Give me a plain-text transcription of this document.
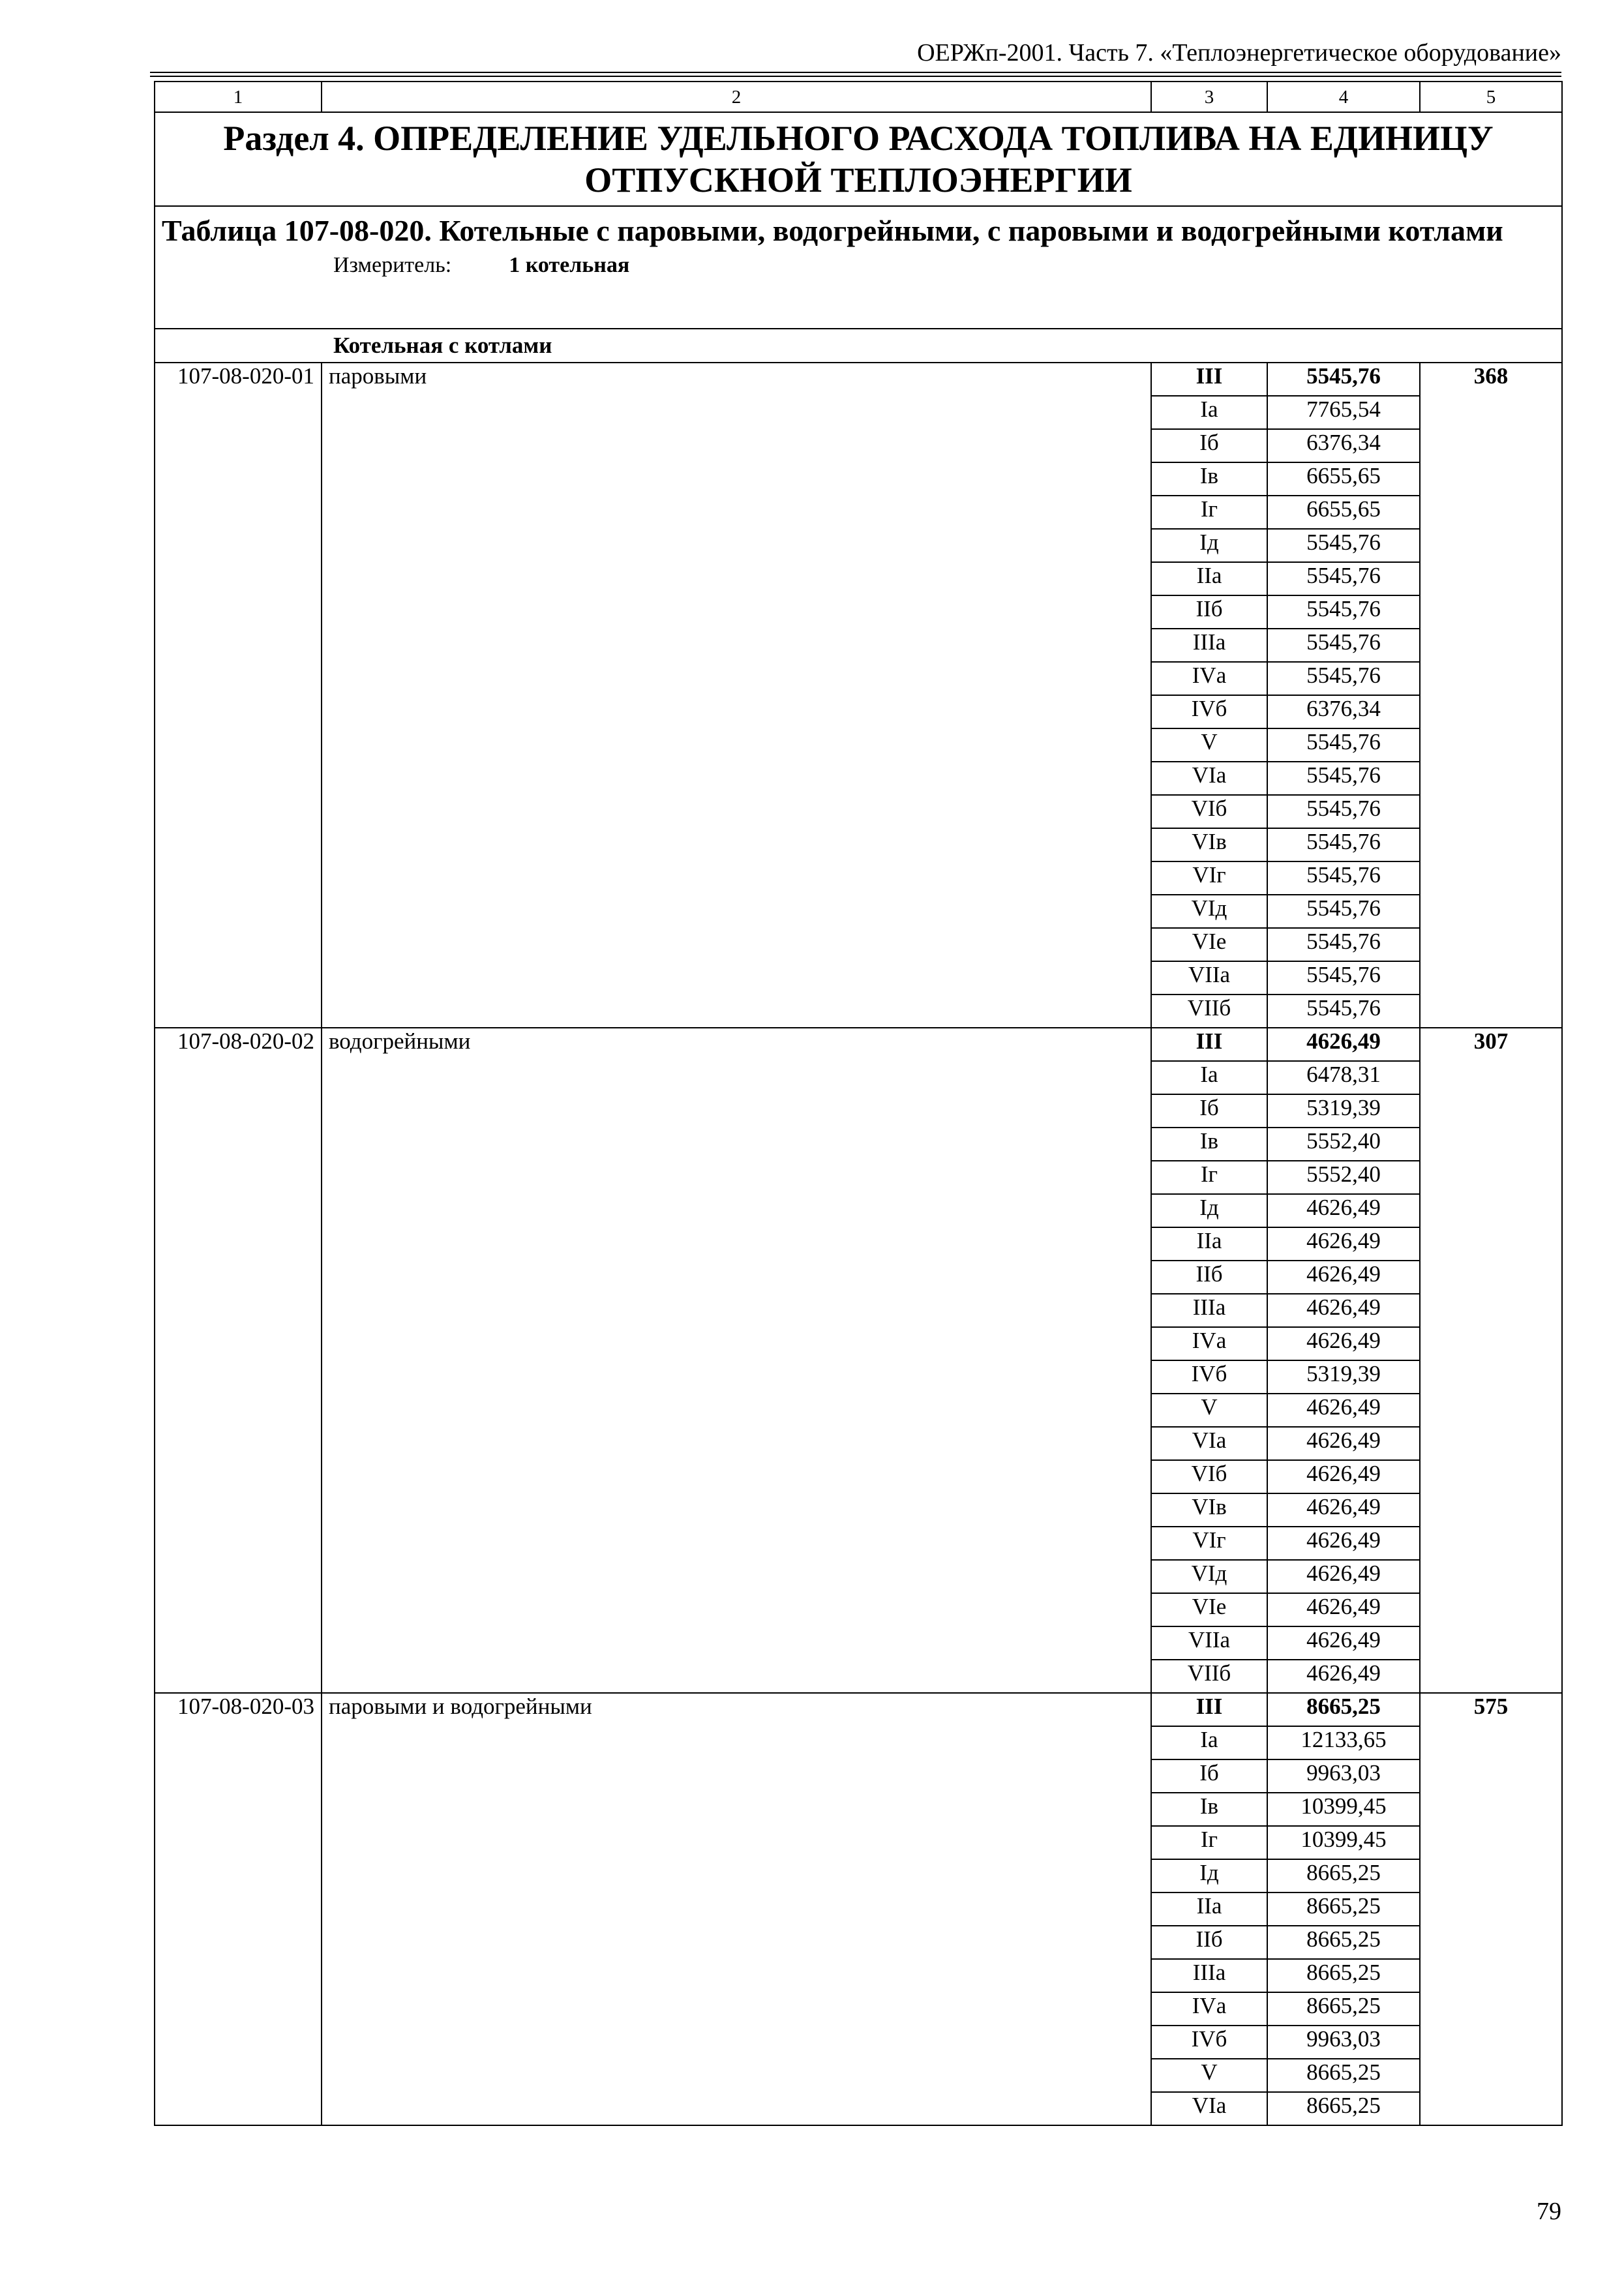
ОЕРЖп-2001. Часть 7. «Теплоэнергетическое оборудование»
1	2	3	4	5
Раздел 4. ОПРЕДЕЛЕНИЕ УДЕЛЬНОГО РАСХОДА ТОПЛИВА НА ЕДИНИЦУ ОТПУСКНОЙ ТЕПЛОЭНЕРГИИ				

Таблица 107-08-020. Котельные с паровыми, водогрейными, с паровыми и водогрейными котлами
Измеритель: 1 котельная				

Котельная с котлами				
107-08-020-01	паровыми	III	5545,76	368
		Iа	7765,54	
		Iб	6376,34	
		Iв	6655,65	
		Iг	6655,65	
		Iд	5545,76	
		IIа	5545,76	
		IIб	5545,76	
		IIIа	5545,76	
		IVа	5545,76	
		IVб	6376,34	
		V	5545,76	
		VIа	5545,76	
		VIб	5545,76	
		VIв	5545,76	
		VIг	5545,76	
		VIд	5545,76	
		VIе	5545,76	
		VIIа	5545,76	
		VIIб	5545,76	
107-08-020-02	водогрейными	III	4626,49	307
		Iа	6478,31	
		Iб	5319,39	
		Iв	5552,40	
		Iг	5552,40	
		Iд	4626,49	
		IIа	4626,49	
		IIб	4626,49	
		IIIа	4626,49	
		IVа	4626,49	
		IVб	5319,39	
		V	4626,49	
		VIа	4626,49	
		VIб	4626,49	
		VIв	4626,49	
		VIг	4626,49	
		VIд	4626,49	
		VIе	4626,49	
		VIIа	4626,49	
		VIIб	4626,49	
107-08-020-03	паровыми и водогрейными	III	8665,25	575
		Iа	12133,65	
		Iб	9963,03	
		Iв	10399,45	
		Iг	10399,45	
		Iд	8665,25	
		IIа	8665,25	
		IIб	8665,25	
		IIIа	8665,25	
		IVа	8665,25	
		IVб	9963,03	
		V	8665,25	
		VIа	8665,25	
79
